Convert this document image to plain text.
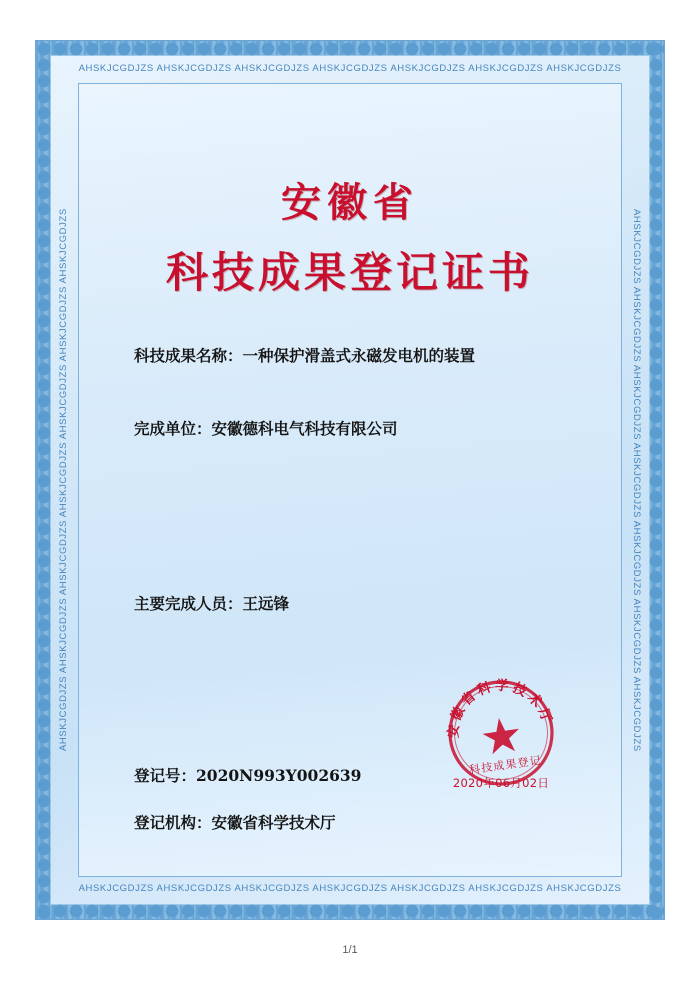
AHSKJCGDJZS AHSKJCGDJZS AHSKJCGDJZS AHSKJCGDJZS AHSKJCGDJZS AHSKJCGDJZS AHSKJCGDJZS
AHSKJCGDJZS AHSKJCGDJZS AHSKJCGDJZS AHSKJCGDJZS AHSKJCGDJZS AHSKJCGDJZS AHSKJCGDJZS
AHSKJCGDJZS AHSKJCGDJZS AHSKJCGDJZS AHSKJCGDJZS AHSKJCGDJZS AHSKJCGDJZS AHSKJCGDJZS	AHSKJCGDJZS AHSKJCGDJZS AHSKJCGDJZS AHSKJCGDJZS AHSKJCGDJZS AHSKJCGDJZS AHSKJCGDJZS
安徽省
科技成果登记证书
科技成果名称：一种保护滑盖式永磁发电机的装置
完成单位：安徽德科电气科技有限公司
主要完成人员：王远锋
登记号：2020N993Y002639
登记机构：安徽省科学技术厅
安徽省科学技术厅
科技成果登记
2020年06月02日
1/1
